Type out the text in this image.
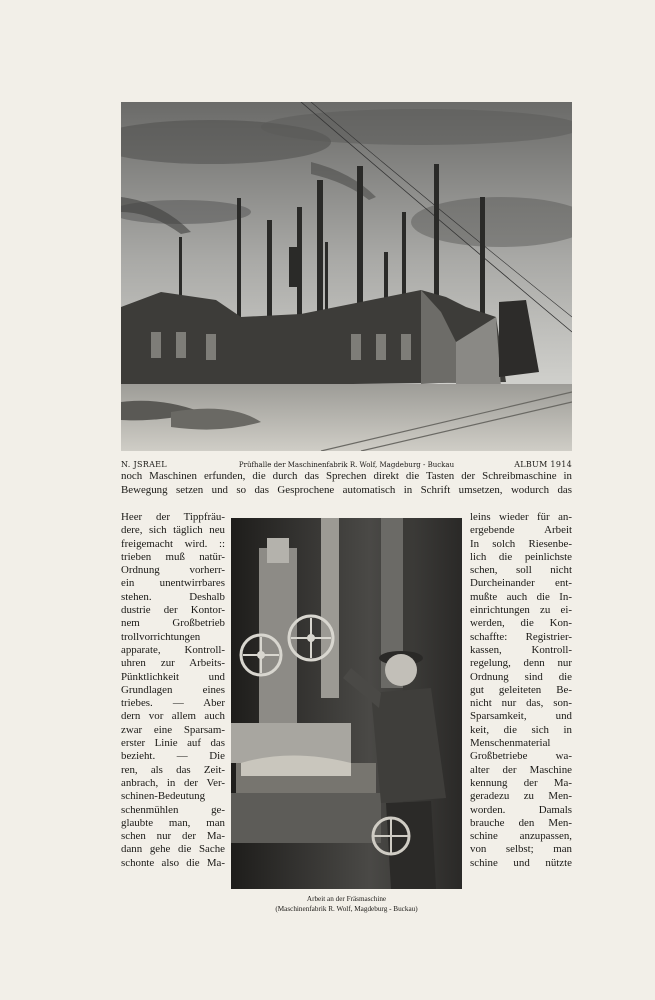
N. JSRAEL	Prüfhalle der Maschinenfabrik R. Wolf, Magdeburg - Buckau	ALBUM 1914
noch Maschinen erfunden, die durch das Sprechen direkt die Tasten der Schreibmaschine in
Bewegung setzen und so das Gesprochene automatisch in Schrift umsetzen, wodurch das
Heer der Tippfräu-
dere, sich täglich neu
freigemacht wird. ::
trieben muß natür-
Ordnung vorherr-
ein unentwirrbares
stehen. Deshalb
dustrie der Kontor-
nem Großbetrieb
trollvorrichtungen
apparate, Kontroll-
uhren zur Arbeits-
Pünktlichkeit und
Grundlagen eines
triebes. — Aber
dern vor allem auch
zwar eine Sparsam-
erster Linie auf das
bezieht. — Die
ren, als das Zeit-
anbrach, in der Ver-
schinen-Bedeutung
schenmühlen ge-
glaubte man, man
schen nur der Ma-
dann gehe die Sache
schonte also die Ma-
leins wieder für an-
ergebende Arbeit
In solch Riesenbe-
lich die peinlichste
schen, soll nicht
Durcheinander ent-
mußte auch die In-
einrichtungen zu ei-
werden, die Kon-
schaffte: Registrier-
kassen, Kontroll-
regelung, denn nur
Ordnung sind die
gut geleiteten Be-
nicht nur das, son-
Sparsamkeit, und
keit, die sich in
Menschenmaterial
Großbetriebe wa-
alter der Maschine
kennung der Ma-
geradezu zu Men-
worden. Damals
brauche den Men-
schine anzupassen,
von selbst; man
schine und nützte
Arbeit an der Fräsmaschine
(Maschinenfabrik R. Wolf, Magdeburg - Buckau)
